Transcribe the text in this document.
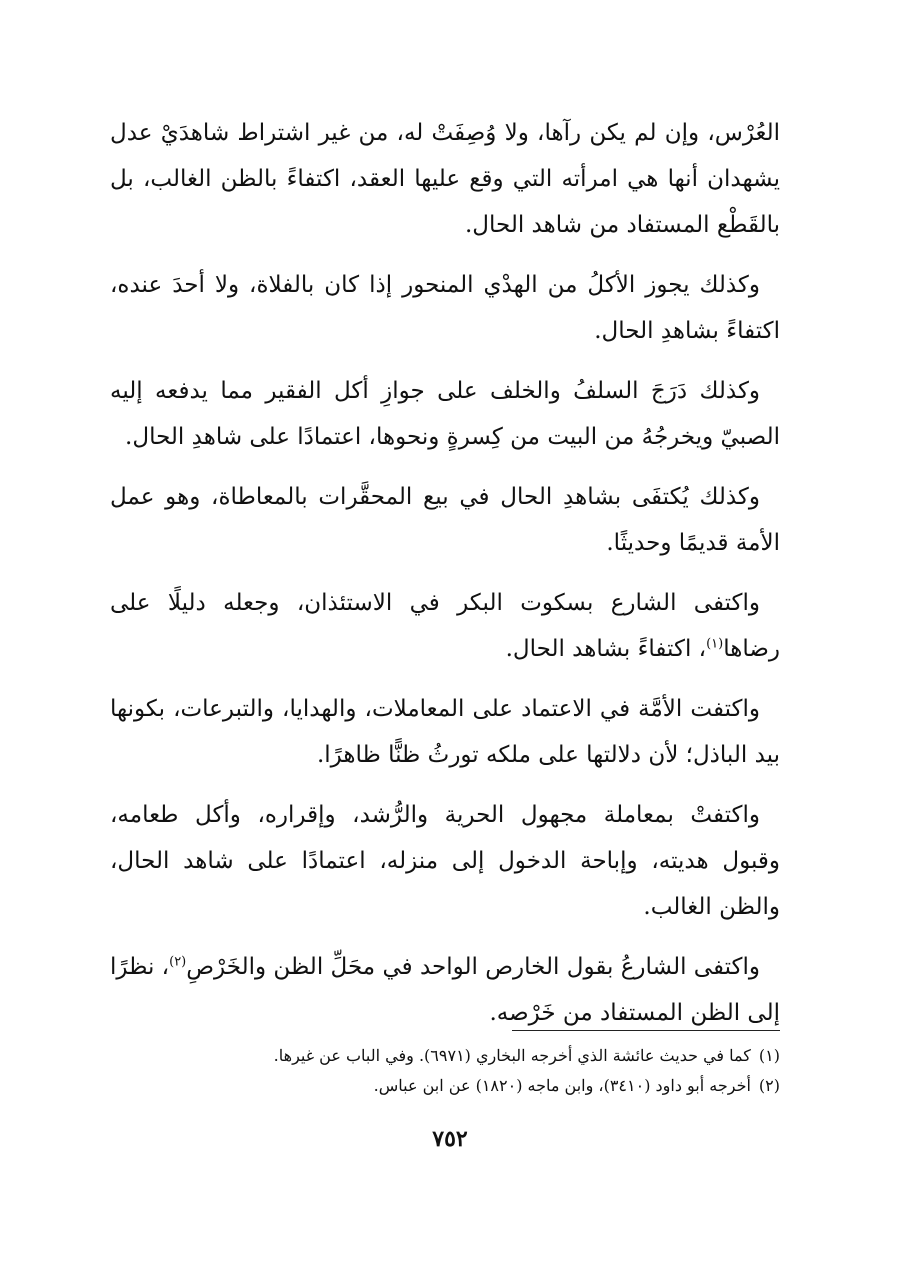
العُرْس، وإن لم يكن رآها، ولا وُصِفَتْ له، من غير اشتراط شاهدَيْ عدل يشهدان أنها هي امرأته التي وقع عليها العقد، اكتفاءً بالظن الغالب، بل بالقَطْع المستفاد من شاهد الحال.

وكذلك يجوز الأكلُ من الهدْي المنحور إذا كان بالفلاة، ولا أحدَ عنده، اكتفاءً بشاهدِ الحال.

وكذلك دَرَجَ السلفُ والخلف على جوازِ أكل الفقير مما يدفعه إليه الصبيّ ويخرجُهُ من البيت من كِسرةٍ ونحوها، اعتمادًا على شاهدِ الحال.

وكذلك يُكتفَى بشاهدِ الحال في بيع المحقَّرات بالمعاطاة، وهو عمل الأمة قديمًا وحديثًا.

واكتفى الشارع بسكوت البكر في الاستئذان، وجعله دليلًا على رضاها$^{(١)}$، اكتفاءً بشاهد الحال.

واكتفت الأمَّة في الاعتماد على المعاملات، والهدايا، والتبرعات، بكونها بيد الباذل؛ لأن دلالتها على ملكه تورثُ ظنًّا ظاهرًا.

واكتفتْ بمعاملة مجهول الحرية والرُّشد، وإقراره، وأكل طعامه، وقبول هديته، وإباحة الدخول إلى منزله، اعتمادًا على شاهد الحال، والظن الغالب.

واكتفى الشارعُ بقول الخارص الواحد في محَلِّ الظن والخَرْصِ$^{(٢)}$، نظرًا إلى الظن المستفاد من خَرْصه.

(١)كما في حديث عائشة الذي أخرجه البخاري (٦٩٧١). وفي الباب عن غيرها.

(٢)أخرجه أبو داود (٣٤١٠)، وابن ماجه (١٨٢٠) عن ابن عباس.

٧٥٢
